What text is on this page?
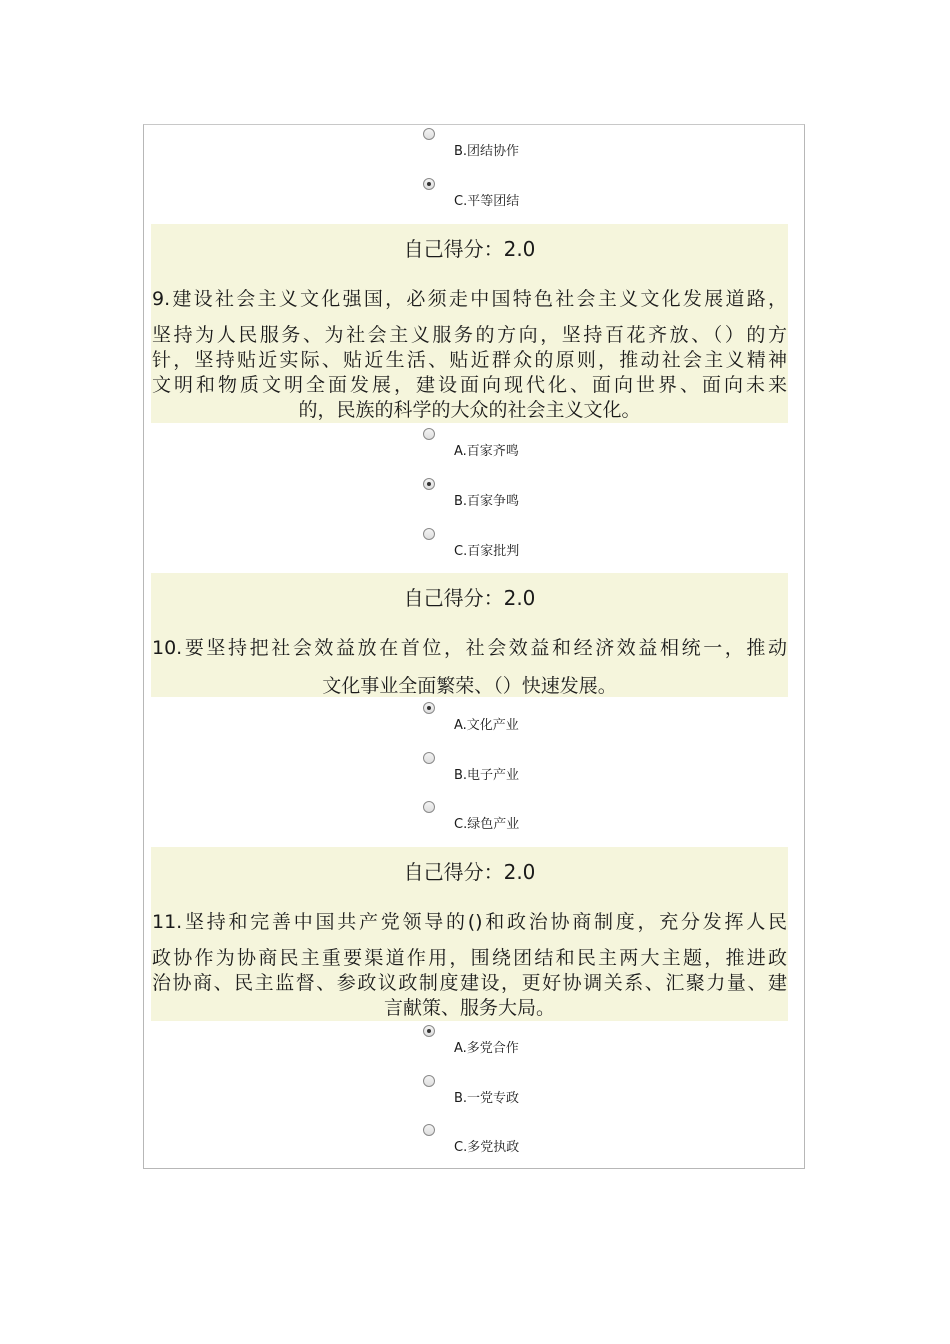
B.团结协作
C.平等团结
自己得分：2.0
9.建设社会主义文化强国，必须走中国特色社会主义文化发展道路，
坚持为人民服务、为社会主义服务的方向，坚持百花齐放、（）的方
针，坚持贴近实际、贴近生活、贴近群众的原则，推动社会主义精神
文明和物质文明全面发展，建设面向现代化、面向世界、面向未来
的，民族的科学的大众的社会主义文化。
A.百家齐鸣
B.百家争鸣
C.百家批判
自己得分：2.0
10.要坚持把社会效益放在首位，社会效益和经济效益相统一，推动
文化事业全面繁荣、（）快速发展。
A.文化产业
B.电子产业
C.绿色产业
自己得分：2.0
11.坚持和完善中国共产党领导的()和政治协商制度，充分发挥人民
政协作为协商民主重要渠道作用，围绕团结和民主两大主题，推进政
治协商、民主监督、参政议政制度建设，更好协调关系、汇聚力量、建
言献策、服务大局。
A.多党合作
B.一党专政
C.多党执政
